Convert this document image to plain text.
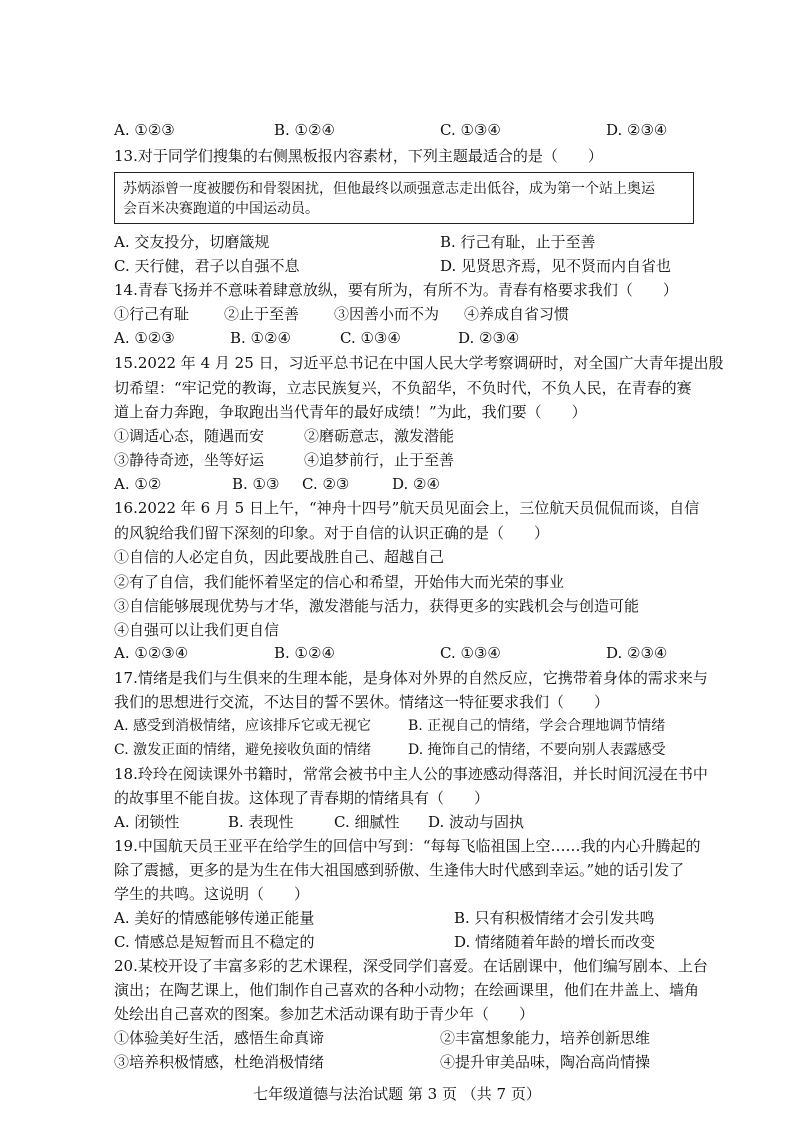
A. ①②③	B. ①②④	C. ①③④	D. ②③④
13.对于同学们搜集的右侧黑板报内容素材，下列主题最适合的是（　　）
苏炳添曾一度被腰伤和骨裂困扰，但他最终以顽强意志走出低谷，成为第一个站上奥运
会百米决赛跑道的中国运动员。
A. 交友投分，切磨箴规	B. 行己有耻，止于至善
C. 天行健，君子以自强不息	D. 见贤思齐焉，见不贤而内自省也
14.青春飞扬并不意味着肆意放纵，要有所为，有所不为。青春有格要求我们（　　）
①行己有耻 ②止于至善 ③因善小而不为 ④养成自省习惯
A. ①②③	B. ①②④	C. ①③④	D. ②③④
15.2022 年 4 月 25 日，习近平总书记在中国人民大学考察调研时，对全国广大青年提出殷
切希望：“牢记党的教诲，立志民族复兴，不负韶华，不负时代，不负人民，在青春的赛
道上奋力奔跑，争取跑出当代青年的最好成绩！”为此，我们要（　　）
①调适心态，随遇而安	②磨砺意志，激发潜能
③静待奇迹，坐等好运	④追梦前行，止于至善
A. ①②	B. ①③ C. ②③	D. ②④
16.2022 年 6 月 5 日上午，“神舟十四号”航天员见面会上，三位航天员侃侃而谈，自信
的风貌给我们留下深刻的印象。对于自信的认识正确的是（　　）
①自信的人必定自负，因此要战胜自己、超越自己
②有了自信，我们能怀着坚定的信心和希望，开始伟大而光荣的事业
③自信能够展现优势与才华，激发潜能与活力，获得更多的实践机会与创造可能
④自强可以让我们更自信
A. ①②③④	B. ①②④	C. ①③④	D. ②③④
17.情绪是我们与生俱来的生理本能，是身体对外界的自然反应，它携带着身体的需求来与
我们的思想进行交流，不达目的誓不罢休。情绪这一特征要求我们（　　）
A. 感受到消极情绪，应该排斥它或无视它	B. 正视自己的情绪，学会合理地调节情绪
C. 激发正面的情绪，避免接收负面的情绪	D. 掩饰自己的情绪，不要向别人表露感受
18.玲玲在阅读课外书籍时，常常会被书中主人公的事迹感动得落泪，并长时间沉浸在书中
的故事里不能自拔。这体现了青春期的情绪具有（　　）
A. 闭锁性	B. 表现性	C. 细腻性 D. 波动与固执
19.中国航天员王亚平在给学生的回信中写到：“每每飞临祖国上空……我的内心升腾起的
除了震撼，更多的是为生在伟大祖国感到骄傲、生逢伟大时代感到幸运。”她的话引发了
学生的共鸣。这说明（　　）
A. 美好的情感能够传递正能量	B. 只有积极情绪才会引发共鸣
C. 情感总是短暂而且不稳定的	D. 情绪随着年龄的增长而改变
20.某校开设了丰富多彩的艺术课程，深受同学们喜爱。在话剧课中，他们编写剧本、上台
演出；在陶艺课上，他们制作自己喜欢的各种小动物；在绘画课里，他们在井盖上、墙角
处绘出自己喜欢的图案。参加艺术活动课有助于青少年（　　）
①体验美好生活，感悟生命真谛	②丰富想象能力，培养创新思维
③培养积极情感，杜绝消极情绪	④提升审美品味，陶冶高尚情操
七年级道德与法治试题 第 3 页 （共 7 页）
